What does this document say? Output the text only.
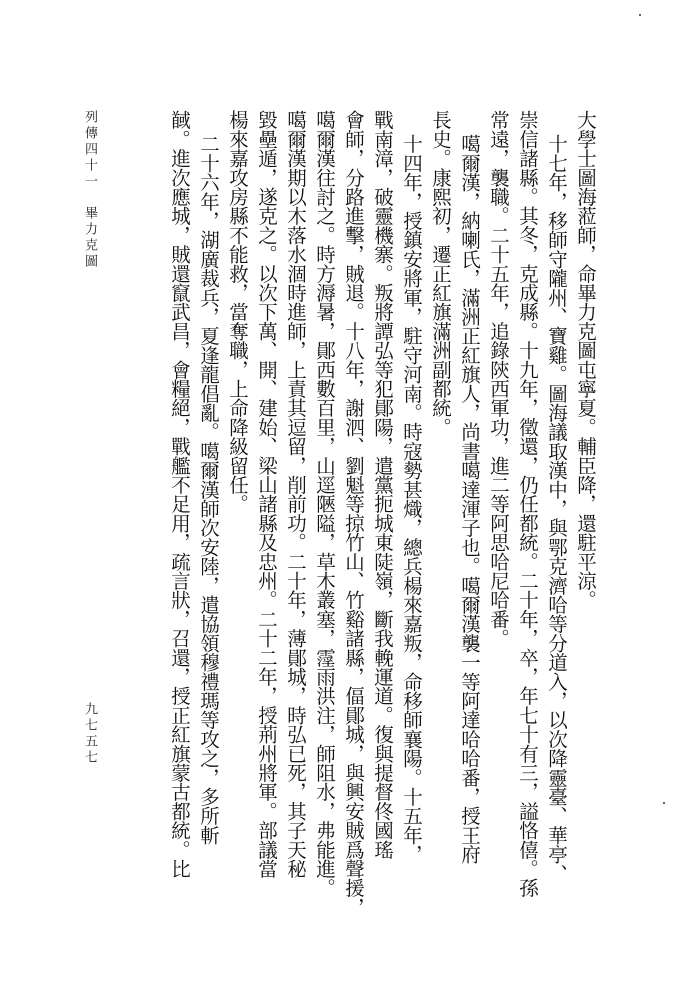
大學士圖海蒞師，命畢力克圖屯寧夏。輔臣降，還駐平涼。
十七年，移師守隴州、寶雞。圖海議取漢中，與鄂克濟哈等分道入，以次降靈臺、華亭、
崇信諸縣。其冬，克成縣。十九年，徵還，仍任都統。二十年，卒，年七十有三，謚恪僖。孫
常遠，襲職。二十五年，追錄陝西軍功，進二等阿思哈尼哈番。
噶爾漢，納喇氏，滿洲正紅旗人，尚書噶達渾子也。噶爾漢襲一等阿達哈哈番，授王府
長史。康熙初，遷正紅旗滿洲副都統。
十四年，授鎮安將軍，駐守河南。時寇勢甚熾，總兵楊來嘉叛，命移師襄陽。十五年，
戰南漳，破靈機寨。叛將譚弘等犯鄖陽，遣黨扼城東陡嶺，斷我輓運道。復與提督佟國瑤
會師，分路進擊，賊退。十八年，謝泗、劉魁等掠竹山、竹谿諸縣，偪鄖城，與興安賊爲聲援，
噶爾漢往討之。時方溽暑，鄖西數百里，山逕陿隘，草木叢塞，霪雨洪注，師阻水，弗能進。
噶爾漢期以木落水涸時進師，上責其逗留，削前功。二十年，薄鄖城，時弘已死，其子天秘
毀壘遁，遂克之。以次下萬、開、建始、梁山諸縣及忠州。二十二年，授荊州將軍。部議當
楊來嘉攻房縣不能救，當奪職，上命降級留任。
二十六年，湖廣裁兵，夏逢龍倡亂。噶爾漢師次安陸，遣協領穆禮瑪等攻之，多所斬
馘。進次應城，賊還竄武昌，會糧絕，戰艦不足用，疏言狀，召還，授正紅旗蒙古都統。比
列傳四十一　畢力克圖
九七五七
